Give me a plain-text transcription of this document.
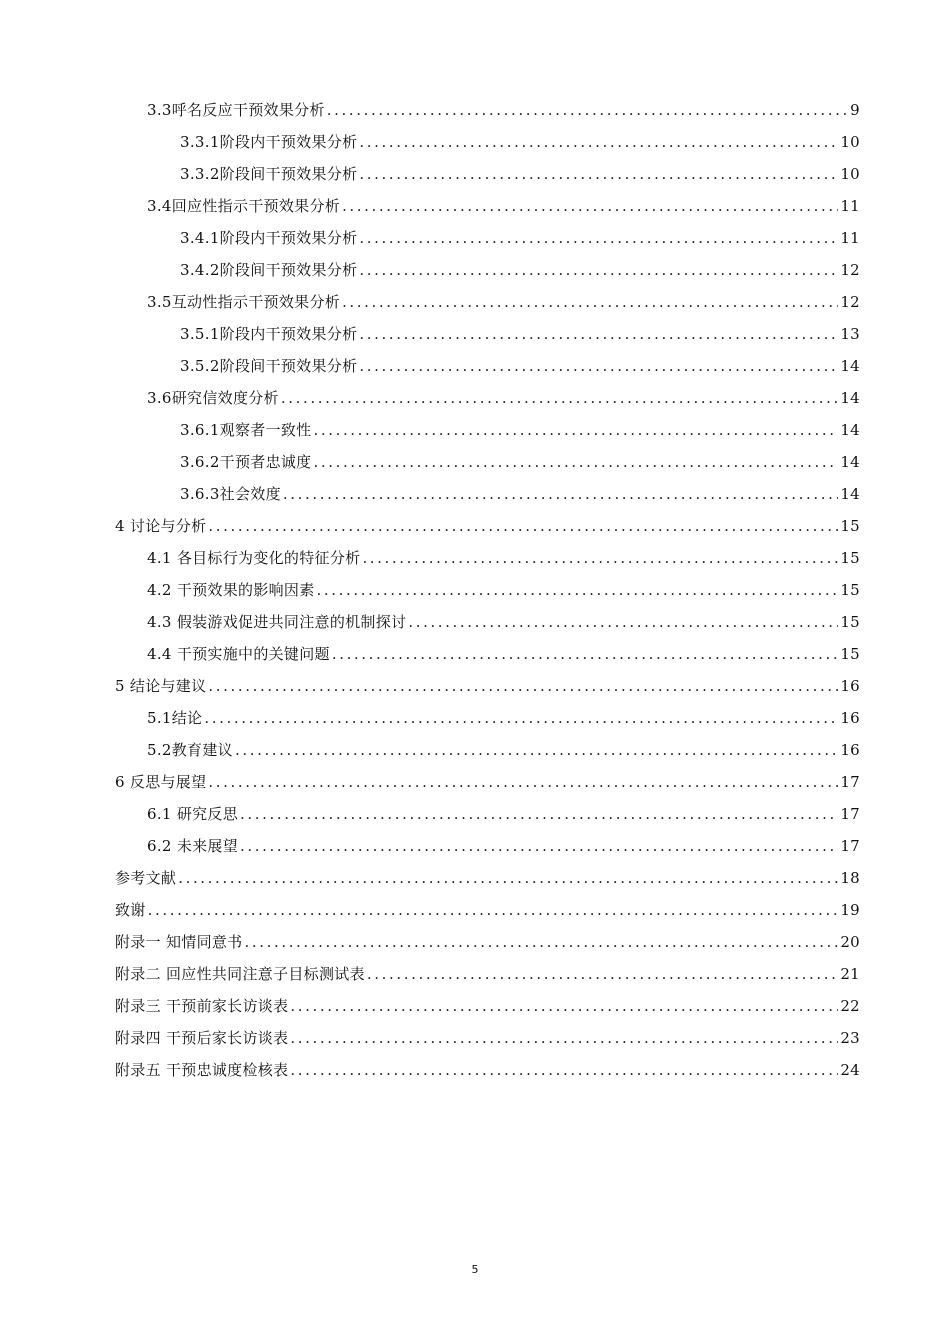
3.3呼名反应干预效果分析 .....	9
3.3.1阶段内干预效果分析 .....	10
3.3.2阶段间干预效果分析 .....	10
3.4回应性指示干预效果分析 .....	11
3.4.1阶段内干预效果分析 .....	11
3.4.2阶段间干预效果分析 .....	12
3.5互动性指示干预效果分析 .....	12
3.5.1阶段内干预效果分析 .....	13
3.5.2阶段间干预效果分析 .....	14
3.6研究信效度分析 .....	14
3.6.1观察者一致性 .....	14
3.6.2干预者忠诚度 .....	14
3.6.3社会效度 .....	14
4 讨论与分析 .....	15
4.1 各目标行为变化的特征分析 .....	15
4.2 干预效果的影响因素 .....	15
4.3 假装游戏促进共同注意的机制探讨 .....	15
4.4 干预实施中的关键问题 .....	15
5 结论与建议 .....	16
5.1结论 .....	16
5.2教育建议 .....	16
6 反思与展望 .....	17
6.1 研究反思 .....	17
6.2 未来展望 .....	17
参考文献 .....	18
致谢 .....	19
附录一 知情同意书 .....	20
附录二 回应性共同注意子目标测试表 .....	21
附录三 干预前家长访谈表 .....	22
附录四 干预后家长访谈表 .....	23
附录五 干预忠诚度检核表 .....	24
5
